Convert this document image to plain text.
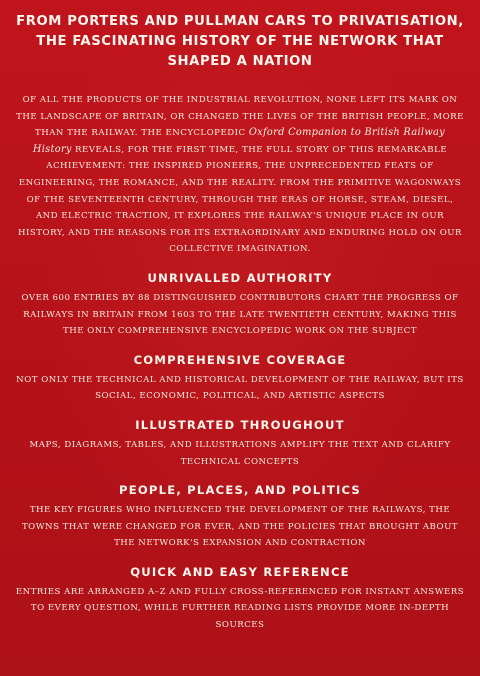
FROM PORTERS AND PULLMAN CARS TO PRIVATISATION, THE FASCINATING HISTORY OF THE NETWORK THAT SHAPED A NATION

OF ALL THE PRODUCTS OF THE INDUSTRIAL REVOLUTION, NONE LEFT ITS MARK ON THE LANDSCAPE OF BRITAIN, OR CHANGED THE LIVES OF THE BRITISH PEOPLE, MORE THAN THE RAILWAY. THE ENCYCLOPEDIC Oxford Companion to British Railway History REVEALS, FOR THE FIRST TIME, THE FULL STORY OF THIS REMARKABLE ACHIEVEMENT: THE INSPIRED PIONEERS, THE UNPRECEDENTED FEATS OF ENGINEERING, THE ROMANCE, AND THE REALITY. FROM THE PRIMITIVE WAGONWAYS OF THE SEVENTEENTH CENTURY, THROUGH THE ERAS OF HORSE, STEAM, DIESEL, AND ELECTRIC TRACTION, IT EXPLORES THE RAILWAY'S UNIQUE PLACE IN OUR HISTORY, AND THE REASONS FOR ITS EXTRAORDINARY AND ENDURING HOLD ON OUR COLLECTIVE IMAGINATION.

UNRIVALLED AUTHORITY

OVER 600 ENTRIES BY 88 DISTINGUISHED CONTRIBUTORS CHART THE PROGRESS OF RAILWAYS IN BRITAIN FROM 1603 TO THE LATE TWENTIETH CENTURY, MAKING THIS THE ONLY COMPREHENSIVE ENCYCLOPEDIC WORK ON THE SUBJECT

COMPREHENSIVE COVERAGE

NOT ONLY THE TECHNICAL AND HISTORICAL DEVELOPMENT OF THE RAILWAY, BUT ITS SOCIAL, ECONOMIC, POLITICAL, AND ARTISTIC ASPECTS

ILLUSTRATED THROUGHOUT

MAPS, DIAGRAMS, TABLES, AND ILLUSTRATIONS AMPLIFY THE TEXT AND CLARIFY TECHNICAL CONCEPTS

PEOPLE, PLACES, AND POLITICS

THE KEY FIGURES WHO INFLUENCED THE DEVELOPMENT OF THE RAILWAYS, THE TOWNS THAT WERE CHANGED FOR EVER, AND THE POLICIES THAT BROUGHT ABOUT THE NETWORK'S EXPANSION AND CONTRACTION

QUICK AND EASY REFERENCE

ENTRIES ARE ARRANGED A–Z AND FULLY CROSS-REFERENCED FOR INSTANT ANSWERS TO EVERY QUESTION, WHILE FURTHER READING LISTS PROVIDE MORE IN-DEPTH SOURCES
